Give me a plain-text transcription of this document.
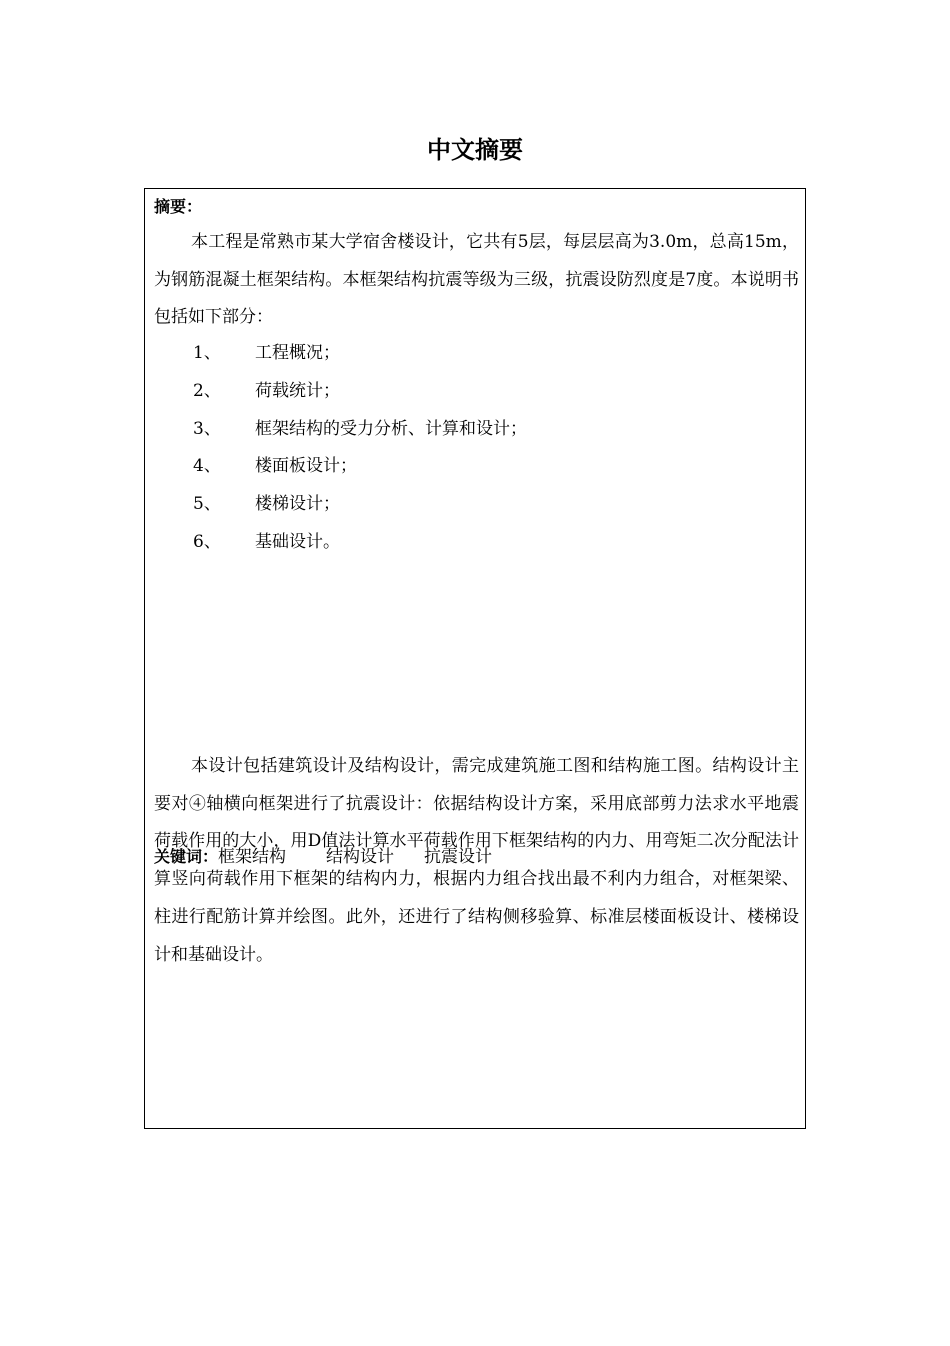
中文摘要
摘要：

本工程是常熟市某大学宿舍楼设计，它共有5层，每层层高为3.0m，总高15m，为钢筋混凝土框架结构。本框架结构抗震等级为三级，抗震设防烈度是7度。本说明书包括如下部分：

1、 工程概况；
2、 荷载统计；
3、 框架结构的受力分析、计算和设计；
4、 楼面板设计；
5、 楼梯设计；
6、 基础设计。

本设计包括建筑设计及结构设计，需完成建筑施工图和结构施工图。结构设计主要对④轴横向框架进行了抗震设计：依据结构设计方案，采用底部剪力法求水平地震荷载作用的大小，用D值法计算水平荷载作用下框架结构的内力、用弯矩二次分配法计算竖向荷载作用下框架的结构内力，根据内力组合找出最不利内力组合，对框架梁、柱进行配筋计算并绘图。此外，还进行了结构侧移验算、标准层楼面板设计、楼梯设计和基础设计。

关键词：框架结构 结构设计 抗震设计
